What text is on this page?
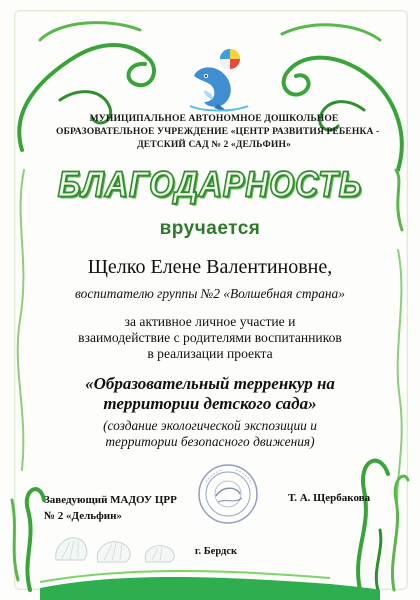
МУНИЦИПАЛЬНОЕ АВТОНОМНОЕ ДОШКОЛЬНОЕ
ОБРАЗОВАТЕЛЬНОЕ УЧРЕЖДЕНИЕ «ЦЕНТР РАЗВИТИЯ РЕБЕНКА -
ДЕТСКИЙ САД № 2 «ДЕЛЬФИН»
БЛАГОДАРНОСТЬ
вручается
Щелко Елене Валентиновне,
воспитателю группы №2 «Волшебная страна»
за активное личное участие и
взаимодействие с родителями воспитанников
в реализации проекта
«Образовательный терренкур на
территории детского сада»
(создание экологической экспозиции и
территории безопасного движения)
Заведующий МАДОУ ЦРР
№ 2 «Дельфин»
Т. А. Щербакова
г. Бердск
